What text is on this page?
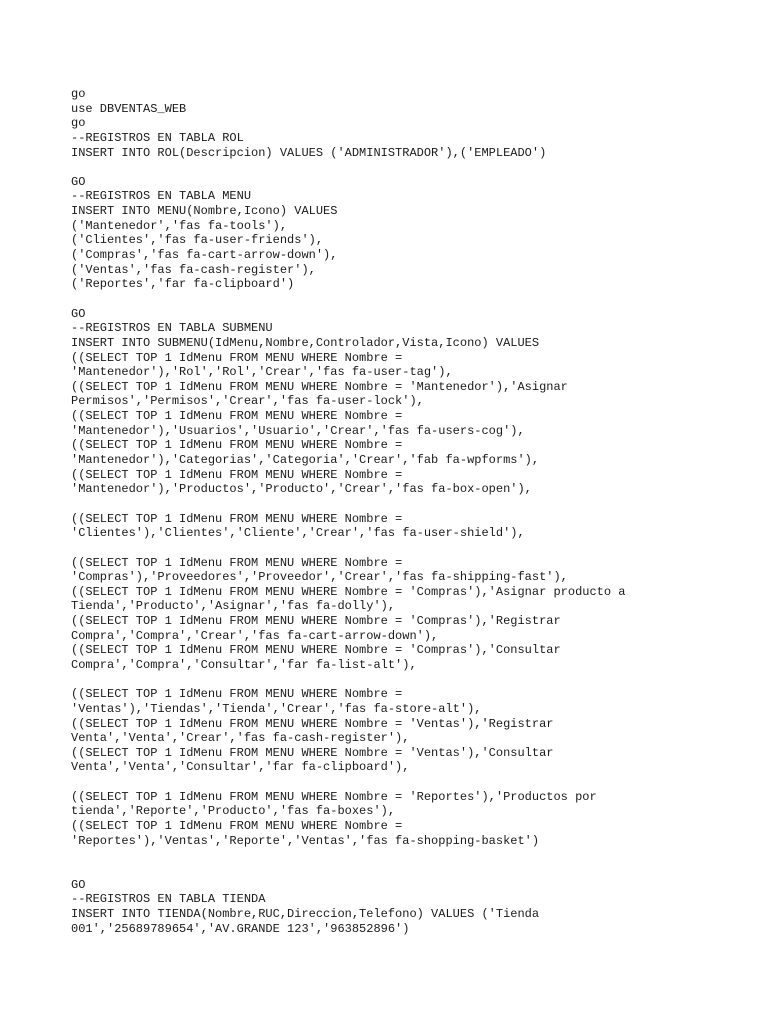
go
use DBVENTAS_WEB
go
--REGISTROS EN TABLA ROL
INSERT INTO ROL(Descripcion) VALUES ('ADMINISTRADOR'),('EMPLEADO')
GO
--REGISTROS EN TABLA MENU
INSERT INTO MENU(Nombre,Icono) VALUES
('Mantenedor','fas fa-tools'),
('Clientes','fas fa-user-friends'),
('Compras','fas fa-cart-arrow-down'),
('Ventas','fas fa-cash-register'),
('Reportes','far fa-clipboard')
GO
--REGISTROS EN TABLA SUBMENU
INSERT INTO SUBMENU(IdMenu,Nombre,Controlador,Vista,Icono) VALUES
((SELECT TOP 1 IdMenu FROM MENU WHERE Nombre =
'Mantenedor'),'Rol','Rol','Crear','fas fa-user-tag'),
((SELECT TOP 1 IdMenu FROM MENU WHERE Nombre = 'Mantenedor'),'Asignar
Permisos','Permisos','Crear','fas fa-user-lock'),
((SELECT TOP 1 IdMenu FROM MENU WHERE Nombre =
'Mantenedor'),'Usuarios','Usuario','Crear','fas fa-users-cog'),
((SELECT TOP 1 IdMenu FROM MENU WHERE Nombre =
'Mantenedor'),'Categorias','Categoria','Crear','fab fa-wpforms'),
((SELECT TOP 1 IdMenu FROM MENU WHERE Nombre =
'Mantenedor'),'Productos','Producto','Crear','fas fa-box-open'),
((SELECT TOP 1 IdMenu FROM MENU WHERE Nombre =
'Clientes'),'Clientes','Cliente','Crear','fas fa-user-shield'),
((SELECT TOP 1 IdMenu FROM MENU WHERE Nombre =
'Compras'),'Proveedores','Proveedor','Crear','fas fa-shipping-fast'),
((SELECT TOP 1 IdMenu FROM MENU WHERE Nombre = 'Compras'),'Asignar producto a
Tienda','Producto','Asignar','fas fa-dolly'),
((SELECT TOP 1 IdMenu FROM MENU WHERE Nombre = 'Compras'),'Registrar
Compra','Compra','Crear','fas fa-cart-arrow-down'),
((SELECT TOP 1 IdMenu FROM MENU WHERE Nombre = 'Compras'),'Consultar
Compra','Compra','Consultar','far fa-list-alt'),
((SELECT TOP 1 IdMenu FROM MENU WHERE Nombre =
'Ventas'),'Tiendas','Tienda','Crear','fas fa-store-alt'),
((SELECT TOP 1 IdMenu FROM MENU WHERE Nombre = 'Ventas'),'Registrar
Venta','Venta','Crear','fas fa-cash-register'),
((SELECT TOP 1 IdMenu FROM MENU WHERE Nombre = 'Ventas'),'Consultar
Venta','Venta','Consultar','far fa-clipboard'),
((SELECT TOP 1 IdMenu FROM MENU WHERE Nombre = 'Reportes'),'Productos por
tienda','Reporte','Producto','fas fa-boxes'),
((SELECT TOP 1 IdMenu FROM MENU WHERE Nombre =
'Reportes'),'Ventas','Reporte','Ventas','fas fa-shopping-basket')
GO
--REGISTROS EN TABLA TIENDA
INSERT INTO TIENDA(Nombre,RUC,Direccion,Telefono) VALUES ('Tienda
001','25689789654','AV.GRANDE 123','963852896')
